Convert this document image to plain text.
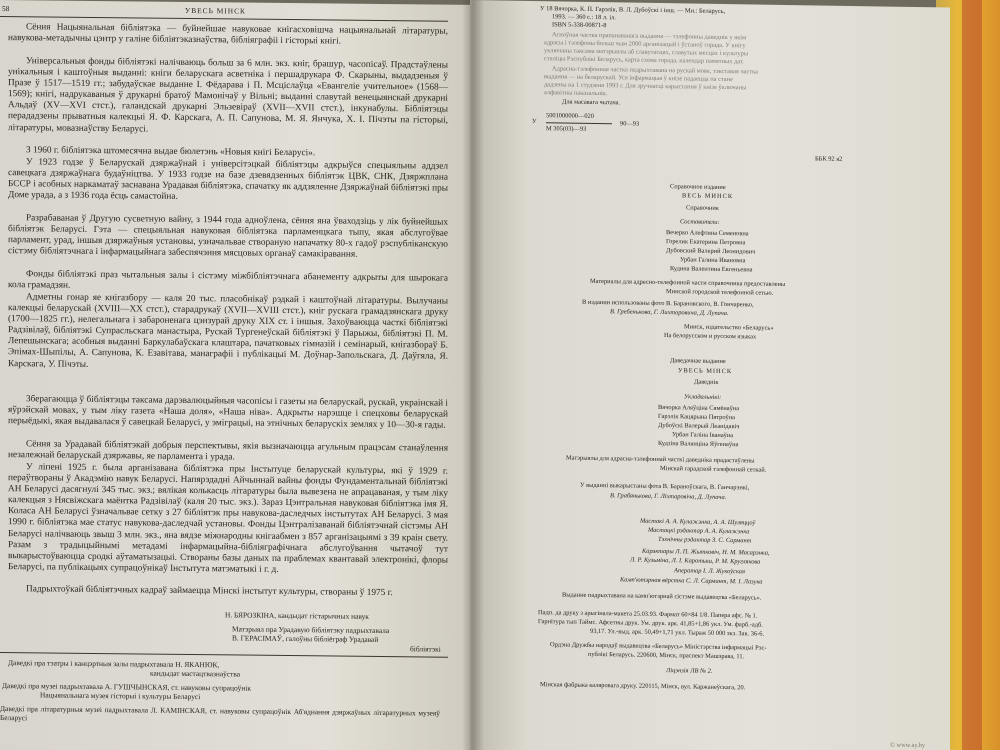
58	УВЕСЬ МІНСК
Сёння Нацыянальная бібліятэка — буйнейшае навуковае кнігасховішча нацыянальнай літаратуры, навукова-метадычны цэнтр у галіне бібліятэказнаўства, бібліяграфіі і гісторыі кнігі.
Універсальныя фонды бібліятэкі налічваюць больш за 6 млн. экз. кніг, брашур, часопісаў. Прадстаўлены унікальныя і каштоўныя выданні: кніги беларускага асветніка і першадрукара Ф. Скарыны, выдадзеныя ў Празе ў 1517—1519 гг.; забудаўскае выданне І. Фёдарава і П. Мсціслаўца «Евангеліе учительное» (1568—1569); кнігі, надрукаваныя ў друкарні братоў Мамонічаў у Вільні; выданні славутай венецыянскай друкарні Альдаў (XV—XVI стст.), галандскай друкарні Эльзевіраў (XVII—XVII стст.), інкунабулы. Бібліятэцы перададзены прыватныя калекцыі Я. Ф. Карскага, А. П. Сапунова, М. Я. Янчука, Х. І. Пічэты па гісторыі, літаратуры, мовазнаўству Беларусі.
З 1960 г. бібліятэка штомесячна выдае бюлетэнь «Новыя кнігі Беларусі».
У 1923 годзе ў Беларускай дзяржаўнай і універсітэцкай бібліятэцы адкрыўся спецыяльны аддзел савецкага дзяржаўнага будаўніцтва. У 1933 годзе на базе дзевядзенных бібліятэк ЦВК, СНК, Дзяржплана БССР і асобных наркаматаў заснавана Урадавая бібліятэка, спачатку як аддзяленне Дзяржаўнай бібліятэкі пры Доме урада, а з 1936 года ёсць самастойна.
Разрабаваная ў Другую сусветную вайну, з 1944 года адноўлена, сёння яна ўваходзіць у лік буйнейшых бібліятэк Беларусі. Гэта — спецыяльная навуковая бібліятэка парламенцкага тыпу, якая абслугоўвае парламент, урад, іншыя дзяржаўныя установы, узначальвае створаную напачатку 80-х гадоў рэспубліканскую сістэму бібліятэчнага і інфармацыйнага забеспячэння мясцовых органаў самакіравання.
Фонды бібліятэкі праз чытальныя залы і сістэму міжбібліятэчнага абанементу адкрыты для шырокага кола грамадзян.
Адметны гонар яе кнігазбору — каля 20 тыс. пласобнікаў рэдкай і каштоўнай літаратуры. Вылучаны калекцыі беларускай (XVIII—XX стст.), старадрукаў (XVII—XVIII стст.), кніг рускага грамадзянскага друку (1700—1825 гг.), нелегальнага і забароненага цэнзурай друку XIX ст. і іншыя. Захоўваюцца часткі бібліятэкі Радзівілаў, бібліятэкі Супрасльскага манастыра, Рускай Тургенеўскай бібліятэкі ў Парыжы, бібліятэкі П. М. Лепешынскага; асобныя выданні Баркулабаўскага клаштара, пачатковых гімназій і семінарый, кнігазбораў Б. Эпімах-Шыпілы, А. Сапунова, К. Езавітава, манаграфіі і публікацыі М. Доўнар-Запольскага, Д. Даўгяла, Я. Карскага, У. Пічэты.
Зберагаюцца ў бібліятэцы таксама дарэвалюцыйныя часопісы і газеты на беларускай, рускай, украінскай і яўрэйскай мовах, у тым ліку газета «Наша доля», «Наша ніва». Адкрыты нарэшце і спецховы беларускай перыёдыкі, якая выдавалася ў савецкай Беларусі, у эміграцыі, на этнічных беларускіх землях у 10—30-я гады.
Сёння за Урадавай бібліятэкай добрыя перспектывы, якія вызначаюцца агульным працэсам станаўлення незалежнай беларускай дзяржавы, яе парламента і урада.
У ліпені 1925 г. была арганізавана бібліятэка пры Інстытуце беларускай культуры, які ў 1929 г. пераўтвораны ў Акадэмію навук Беларусі. Напярэдадні Айчыннай вайны фонды Фундаментальнай бібліятэкі АН Беларусі дасягнулі 345 тыс. экз.; вялікая колькасць літаратуры была вывезена не апрацаваная, у тым ліку калекцыя з Нясвіжскага маёнтка Радзівілаў (каля 20 тыс. экз.). Зараз Цэнтральная навуковая бібліятэка імя Я. Коласа АН Беларусі ўзначальвае сетку з 27 бібліятэк пры навукова-даследчых інстытутах АН Беларусі. З мая 1990 г. бібліятэка мае статус навукова-даследчай установы. Фонды Цэнтралізаванай бібліятэчнай сістэмы АН Беларусі налічваюць звыш 3 млн. экз., яна вядзе міжнародны кнігаабмен з 857 арганізацыямі з 39 краін свету. Разам з традыцыйнымі метадамі інфармацыйна-бібліяграфічнага абслугоўвання чытачоў тут выкарыстоўваюцца сродкі аўтаматызацыі. Створаны базы даных па праблемах квантавай электронікі, флоры Беларусі, па публікацыях супрацоўнікаў Інстытута матэматыкі і г. д.
Падрыхтоўкай бібліятэчных кадраў займаецца Мінскі інстытут культуры, створаны ў 1975 г.
Н. БЯРОЗКІНА, кандыдат гістарычных навук
Матэрыял пра Урадавую бібліятэку падрыхтавала
В. ГЕРАСІМАЎ, галоўны бібліёграф Урадавай
бібліятэкі
Даведкі пра тэатры і канцэртныя залы падрыхтавала Н. ЯКАНЮК,
кандыдат мастацтвазнаўства
Даведкі пра музеі падрыхтавала А. ГУШЧЫНСКАЯ, ст. навуковы супрацоўнік
Нацыянальнага музея гісторыі і культуры Беларусі
Даведкі пра літаратурныя музеі падрыхтавала Л. КАМІНСКАЯ, ст. навуковы супрацоўнік Аб'яднання дзяржаўных літаратурных музеяў Беларусі
У 18 Вячорка, К. П. Гарэлік, В. Л. Дубоўскі і інш. — Мн.: Беларусь,
1993. — 360 с.: 18 л. іл.
ISBN 5-338-00871-8
Асноўная частка прапанаванага выдання — тэлефонны даведнік у якім
адрасы і тэлефоны больш чым 2000 арганізацый і ўстаноў горада. У кнігу
уключаны таксама матэрыялы аб славутасцях, славутых месцах і культуры
сталіцы Рэспублікі Беларусь, карта схема горада, календар памятных дат.
Адрасна-тэлефонная частка падрыхтавана на рускай мове, тэкставая частка
выдання — на беларускай. Уся інфармацыя ў кнізе падаецца па станe
дадзены на 1 студзеня 1993 г. Для зручнасці карыстання ў кнізе ўключаны
алфавітны паказальнік.
Для масавага чытача.
У
5001000000—020
М 305(03)—93
90—93
ББК 92 я2
Справочное издание
ВЕСЬ МИНСК
Справочник
Составители:
Вечерко Алефтина Семеновна
Горелик Екатерина Петровна
Дубовский Валерий Леонидович
Урбан Галина Ивановна
Кудина Валентина Евгеньевна
Материалы для адресно-телефонной части справочника предоставлены
Минской городской телефонной сетью.
В издании использованы фото В. Барановского, В. Гончаренко,
В. Гребенькова, Г. Лихторовича, Д. Лупача.
Минск, издательство «Беларусь»
На белорусском и русском языках
Даведачнае выданне
УВЕСЬ МІНСК
Даведнік
Укладальнікі:
Вячорка Аляўціна Сямёнаўна
Гарэлік Кацярына Пятроўна
Дубоўскі Валерый Леанідавіч
Урбан Галіна Іванаўна
Кудзіна Валянціна Яўгенаўна
Матэрыялы для адрасна-тэлефоннай часткі даведніка прадастаўлены
Мінскай гарадской тэлефоннай сеткай.
У выданні выкарыстаны фота В. Бараноўскага, В. Ганчарэнкі,
В. Грабянькова, Г. Ліхтаровіча, Д. Лупача.
Мастакі А. А. Кулажэнка, А. А. Шуляццоў
Мастацкі рэдактар А. А. Кулажэнка
Тэхнічны рэдактар З. С. Сармант
Карэктары Л. П. Жытковіч, Н. М. Масарэнка,
Л. Р. Кузьміна, Л. І. Каротыш, Р. М. Круглякова
Аператар І. Л. Жукоўская
Камп'ютэрная вёрстка С. Л. Сармант, М. І. Лазука
Выданне падрыхтавана на камп'ютэрнай сістэме выдавецтва «Беларусь».
Падп. да друку з арыгінала-макета 25.03.93. Фармат 60×84 1/8. Папера афс. № 1.
Гарнітура тып Таймс. Афсетны друк. Ум. друк. арк. 41,85+1,86 укл. Ум. фарб.-адб.
93,17. Ул.-выд. арк. 50,49+1,71 укл. Тыраж 50 000 экз. Зак. 36-6.
Ордэна Дружбы народаў выдавецтва «Беларусь» Міністэрства інфармацыі Рэс-
публікі Беларусь. 220600, Мінск, праспект Машэрава, 11.
Ліцэнзія ЛВ № 2.
Мінская фабрыка каляровага друку. 220115, Мінск, вул. Каржанеўскага, 20.
© www.ay.by
